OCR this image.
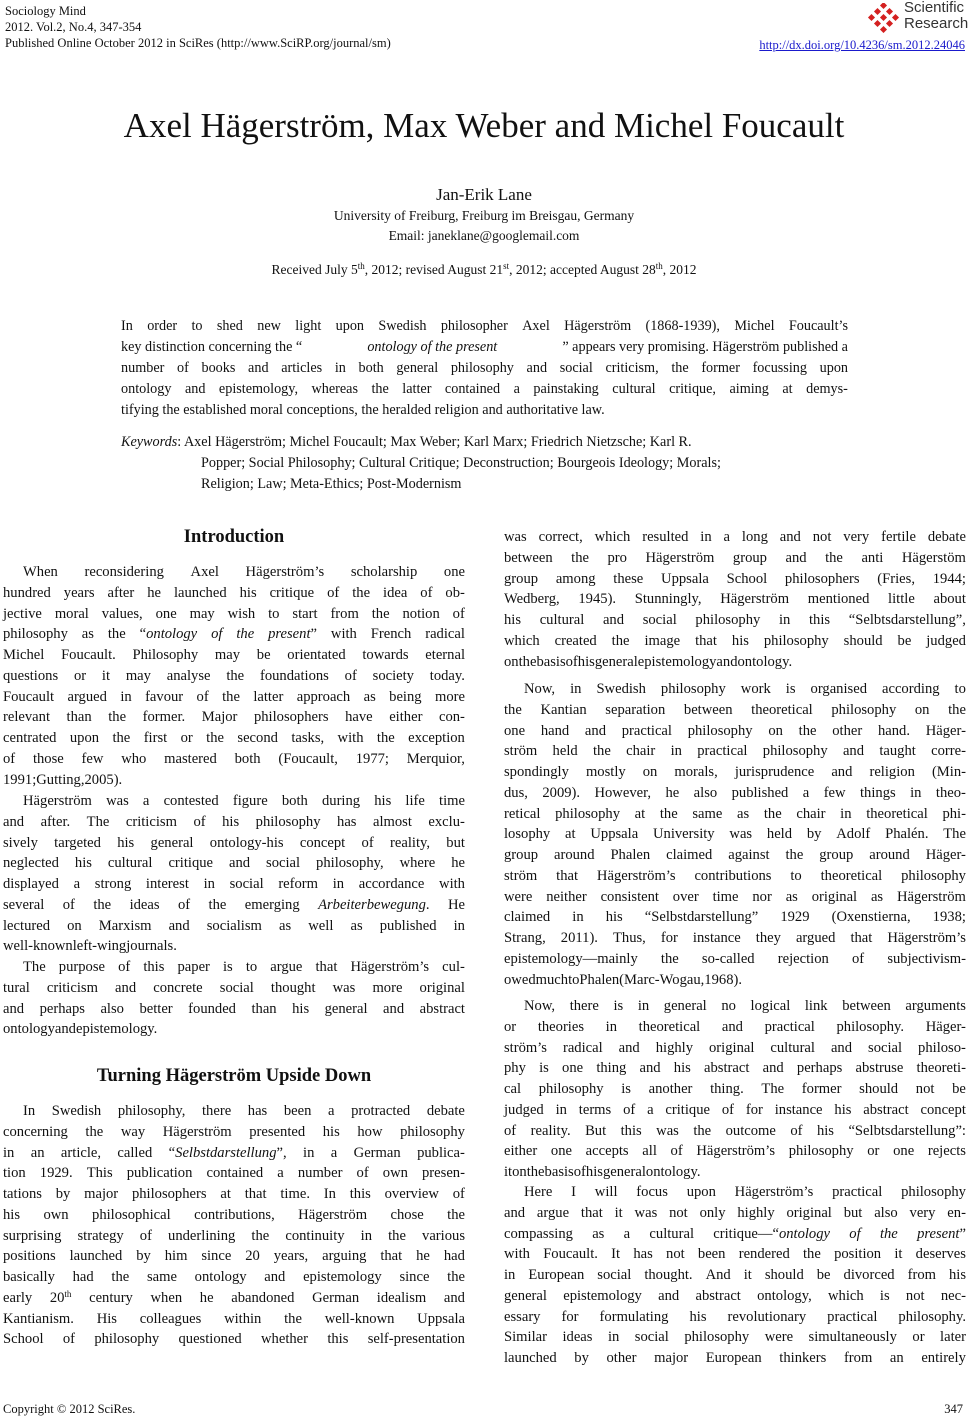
Sociology Mind
2012. Vol.2, No.4, 347-354
Published Online October 2012 in SciRes (http://www.SciRP.org/journal/sm)
Scientific
Research
http://dx.doi.org/10.4236/sm.2012.24046
Axel Hägerström, Max Weber and Michel Foucault
Jan-Erik Lane
University of Freiburg, Freiburg im Breisgau, Germany
Email: janeklane@googlemail.com
Received July 5th, 2012; revised August 21st, 2012; accepted August 28th, 2012
In order to shed new light upon Swedish philosopher Axel Hägerström (1868-1939), Michel Foucault’s
key distinction concerning the “	ontology of the present	” appears very promising. Hägerström published a
number of books and articles in both general philosophy and social criticism, the former focussing upon
ontology and epistemology, whereas the latter contained a painstaking cultural critique, aiming at demys-
tifying the established moral conceptions, the heralded religion and authoritative law.
Keywords: Axel Hägerström; Michel Foucault; Max Weber; Karl Marx; Friedrich Nietzsche; Karl R.
Popper; Social Philosophy; Cultural Critique; Deconstruction; Bourgeois Ideology; Morals;
Religion; Law; Meta-Ethics; Post-Modernism
Introduction
When reconsidering Axel Hägerström’s scholarship one
hundred years after he launched his critique of the idea of ob-
jective moral values, one may wish to start from the notion of
philosophy as the “ontology of the present” with French radical
Michel Foucault. Philosophy may be orientated towards eternal
questions or it may analyse the foundations of society today.
Foucault argued in favour of the latter approach as being more
relevant than the former. Major philosophers have either con-
centrated upon the first or the second tasks, with the exception
of those few who mastered both (Foucault, 1977; Merquior,
1991; Gutting, 2005).
Hägerström was a contested figure both during his life time
and after. The criticism of his philosophy has almost exclu-
sively targeted his general ontology-his concept of reality, but
neglected his cultural critique and social philosophy, where he
displayed a strong interest in social reform in accordance with
several of the ideas of the emerging Arbeiterbewegung. He
lectured on Marxism and socialism as well as published in
well-known left-wing journals.
The purpose of this paper is to argue that Hägerström’s cul-
tural criticism and concrete social thought was more original
and perhaps also better founded than his general and abstract
ontology and epistemology.
Turning Hägerström Upside Down
In Swedish philosophy, there has been a protracted debate
concerning the way Hägerström presented his how philosophy
in an article, called “Selbstdarstellung”, in a German publica-
tion 1929. This publication contained a number of own presen-
tations by major philosophers at that time. In this overview of
his own philosophical contributions, Hägerström chose the
surprising strategy of underlining the continuity in the various
positions launched by him since 20 years, arguing that he had
basically had the same ontology and epistemology since the
early 20th century when he abandoned German idealism and
Kantianism. His colleagues within the well-known Uppsala
School of philosophy questioned whether this self-presentation
was correct, which resulted in a long and not very fertile debate
between the pro Hägerström group and the anti Hägerstöm
group among these Uppsala School philosophers (Fries, 1944;
Wedberg, 1945). Stunningly, Hägerström mentioned little about
his cultural and social philosophy in this “Selbtsdarstellung”,
which created the image that his philosophy should be judged
on the basis of his general epistemology and ontology.
Now, in Swedish philosophy work is organised according to
the Kantian separation between theoretical philosophy on the
one hand and practical philosophy on the other hand. Häger-
ström held the chair in practical philosophy and taught corre-
spondingly mostly on morals, jurisprudence and religion (Min-
dus, 2009). However, he also published a few things in theo-
retical philosophy at the same as the chair in theoretical phi-
losophy at Uppsala University was held by Adolf Phalén. The
group around Phalen claimed against the group around Häger-
ström that Hägerström’s contributions to theoretical philosophy
were neither consistent over time nor as original as Hägerström
claimed in his “Selbstdarstellung” 1929 (Oxenstierna, 1938;
Strang, 2011). Thus, for instance they argued that Hägerström’s
epistemology—mainly the so-called rejection of subjectivism-
owed much to Phalen (Marc-Wogau, 1968).
Now, there is in general no logical link between arguments
or theories in theoretical and practical philosophy. Häger-
ström’s radical and highly original cultural and social philoso-
phy is one thing and his abstract and perhaps abstruse theoreti-
cal philosophy is another thing. The former should not be
judged in terms of a critique of for instance his abstract concept
of reality. But this was the outcome of his “Selbtsdarstellung”:
either one accepts all of Hägerström’s philosophy or one rejects
it on the basis of his general ontology.
Here I will focus upon Hägerström’s practical philosophy
and argue that it was not only highly original but also very en-
compassing as a cultural critique—“ontology of the present”
with Foucault. It has not been rendered the position it deserves
in European social thought. And it should be divorced from his
general epistemology and abstract ontology, which is not nec-
essary for formulating his revolutionary practical philosophy.
Similar ideas in social philosophy were simultaneously or later
launched by other major European thinkers from an entirely
Copyright © 2012 SciRes.	347
